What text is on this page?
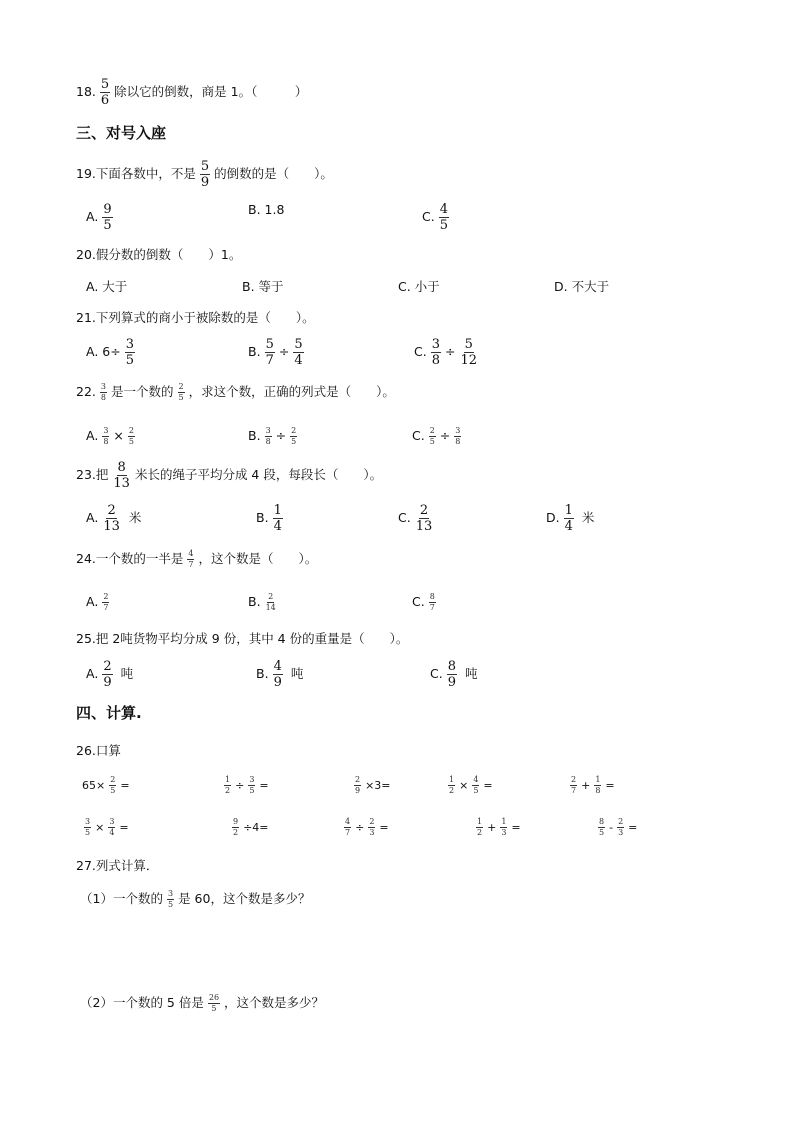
18. $\frac{5}{6}$ 除以它的倒数，商是 1。（　　　）
三、对号入座
19.下面各数中，不是 $\frac{5}{9}$ 的倒数的是（　　）。
A. $\frac{9}{5}$	B. 1.8	C. $\frac{4}{5}$
20.假分数的倒数（　　）1。
A. 大于	B. 等于	C. 小于	D. 不大于
21.下列算式的商小于被除数的是（　　）。
A. $6\div \frac{3}{5}$	B. $\frac{5}{7} \div \frac{5}{4}$	C. $\frac{3}{8} \div \frac{5}{12}$
22. $\frac{3}{8}$ 是一个数的 $\frac{2}{5}$ ，求这个数，正确的列式是（　　）。
A. $\frac{3}{8} \times \frac{2}{5}$	B. $\frac{3}{8} \div \frac{2}{5}$	C. $\frac{2}{5} \div \frac{3}{8}$
23.把 $\frac{8}{13}$ 米长的绳子平均分成 4 段，每段长（　　）。
A. $\frac{2}{13}$ 米	B. $\frac{1}{4}$	C. $\frac{2}{13}$	D. $\frac{1}{4}$ 米
24.一个数的一半是 $\frac{4}{7}$ ，这个数是（　　）。
A. $\frac{2}{7}$	B. $\frac{2}{14}$	C. $\frac{8}{7}$
25.把 2吨货物平均分成 9 份，其中 4 份的重量是（　　）。
A. $\frac{2}{9}$ 吨	B. $\frac{4}{9}$ 吨	C. $\frac{8}{9}$ 吨
四、计算.
26.口算
27.列式计算．
（1）一个数的 $\frac{3}{5}$ 是 60，这个数是多少？
（2）一个数的 5 倍是 $\frac{26}{5}$ ，这个数是多少？
$65\times \frac{2}{5}$ =	$\frac{1}{2} \div \frac{3}{5}$ =	$\frac{2}{9} \times 3=$	$\frac{1}{2} \times \frac{4}{5}$ =	$\frac{2}{7} + \frac{1}{8}$ =
$\frac{3}{5} \times \frac{3}{4}$ =	$\frac{9}{2} \div 4=$	$\frac{4}{7} \div \frac{2}{3}$ =	$\frac{1}{2} + \frac{1}{3}$ =	$\frac{8}{5} - \frac{2}{3}$ =
